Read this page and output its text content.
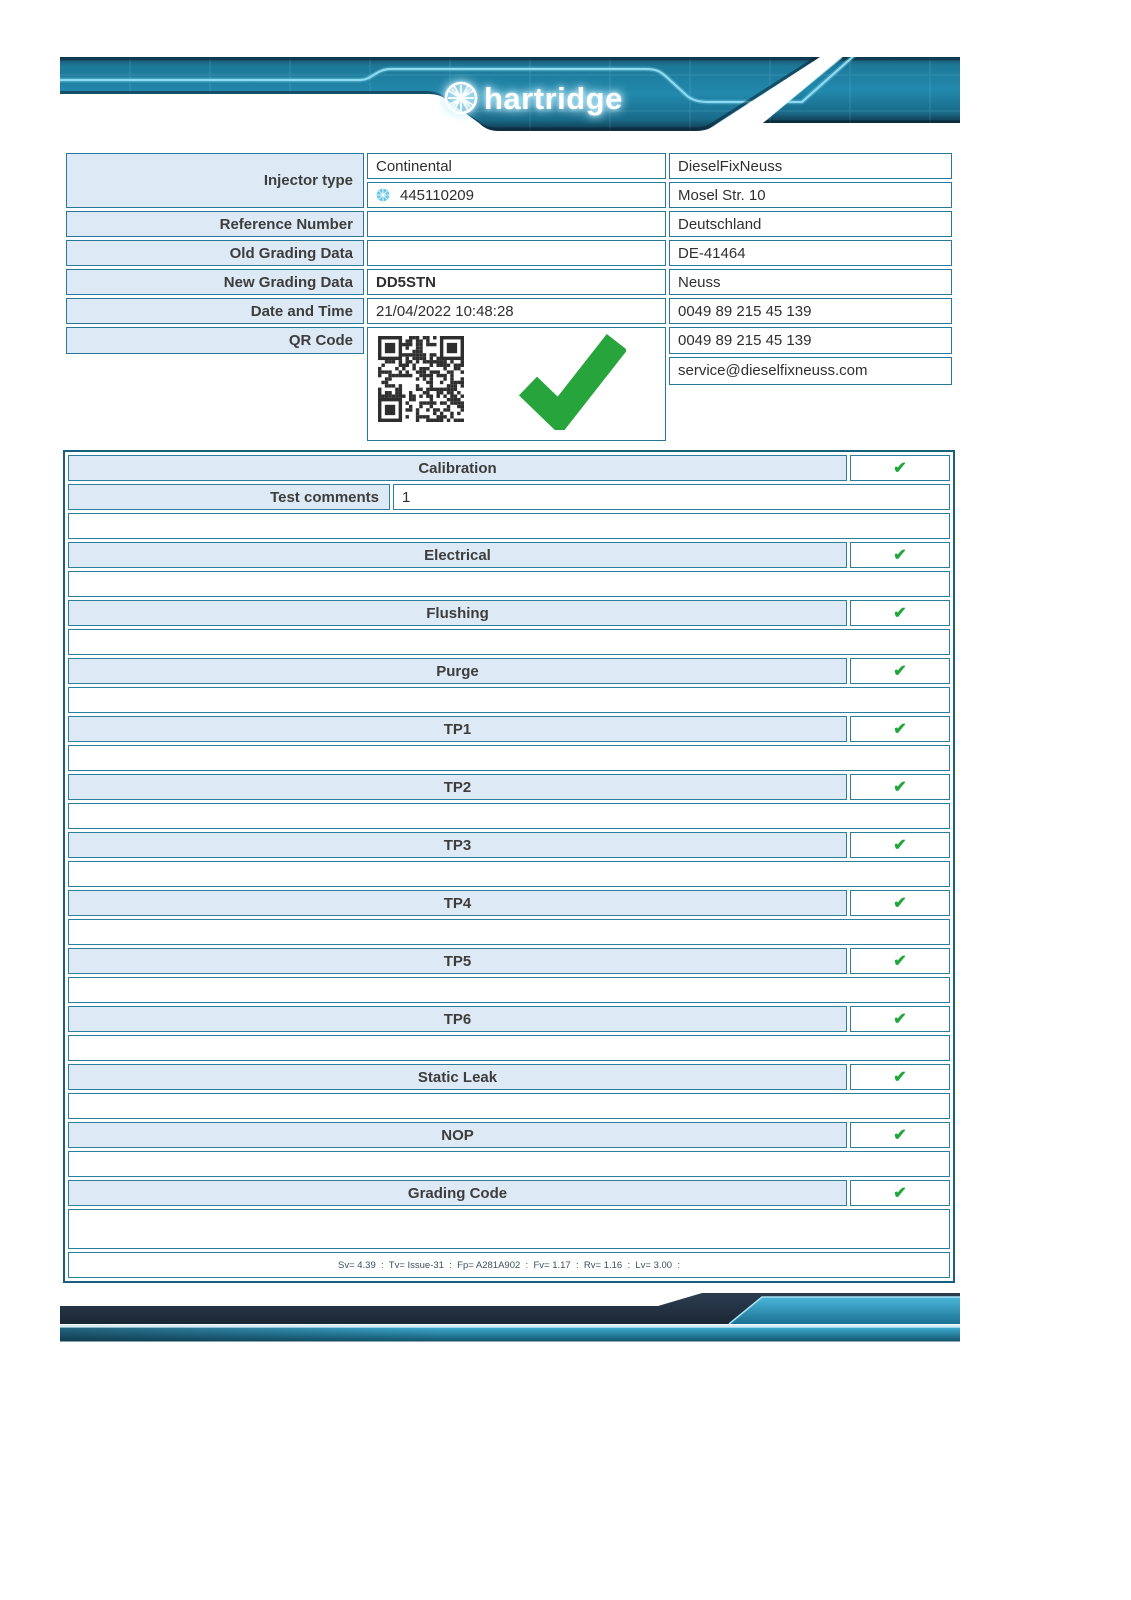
hartridge
Injector type	Continental	DieselFixNeuss

	445110209	Mosel Str. 10
Reference Number		Deutschland
Old Grading Data		DE-41464
New Grading Data	DD5STN	Neuss
Date and Time	21/04/2022 10:48:28	0049 89 215 45 139
QR Code		0049 89 215 45 139
		service@dieselfixneuss.com

Calibration		✔
Test comments	1	

Electrical		✔

Flushing		✔

Purge		✔

TP1		✔

TP2		✔

TP3		✔

TP4		✔

TP5		✔

TP6		✔

Static Leak		✔

NOP		✔

Grading Code		✔

Sv= 4.39  :  Tv= Issue-31  :  Fp= A281A902  :  Fv= 1.17  :  Rv= 1.16  :  Lv= 3.00  :		
